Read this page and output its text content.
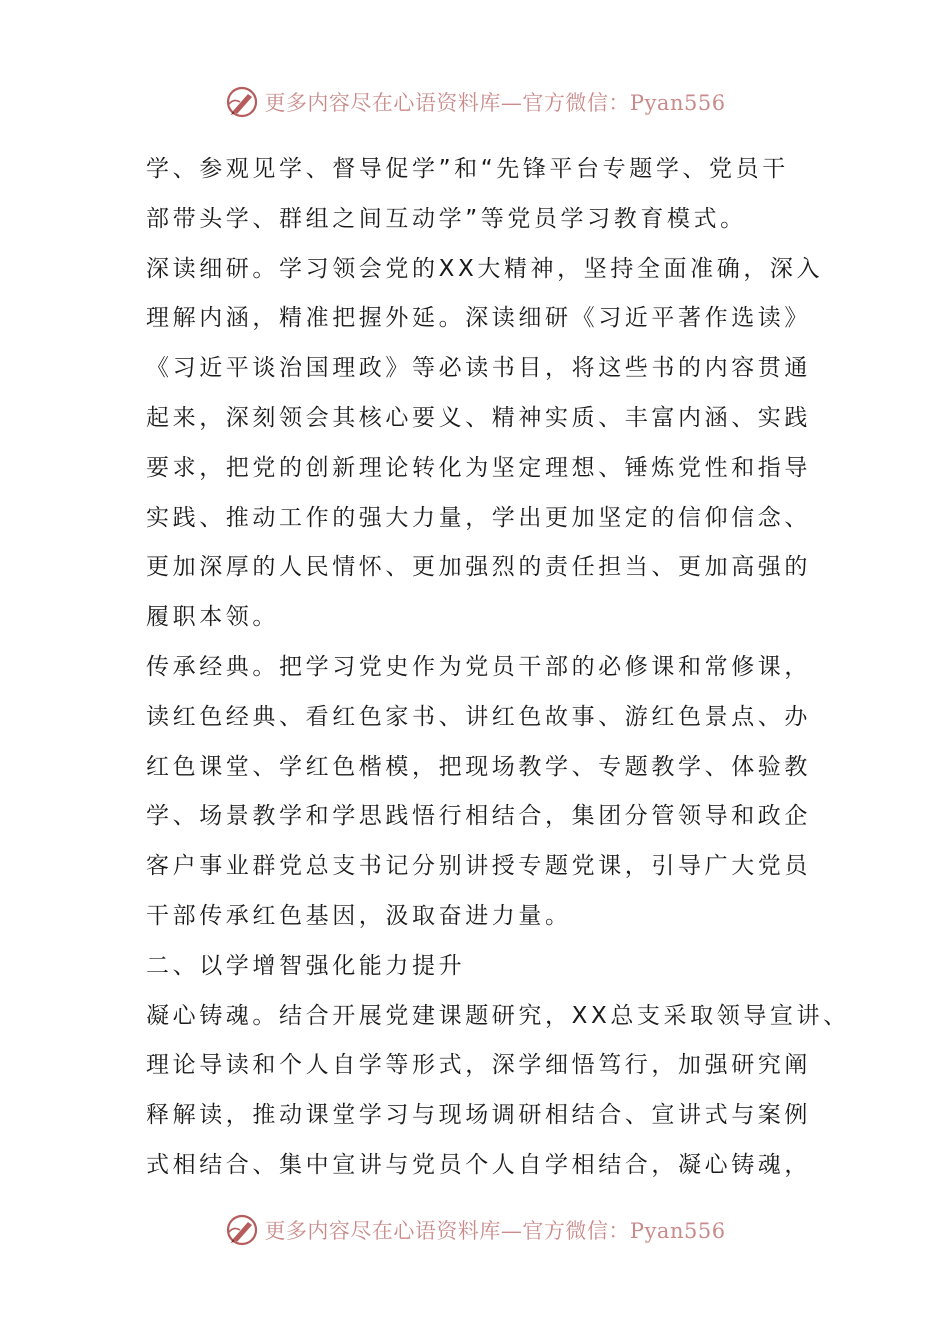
更多内容尽在心语资料库—官方微信：Pyan556
学、参观见学、督导促学”和“先锋平台专题学、党员干
部带头学、群组之间互动学”等党员学习教育模式。
深读细研。学习领会党的XX大精神，坚持全面准确，深入
理解内涵，精准把握外延。深读细研《习近平著作选读》
《习近平谈治国理政》等必读书目，将这些书的内容贯通
起来，深刻领会其核心要义、精神实质、丰富内涵、实践
要求，把党的创新理论转化为坚定理想、锤炼党性和指导
实践、推动工作的强大力量，学出更加坚定的信仰信念、
更加深厚的人民情怀、更加强烈的责任担当、更加高强的
履职本领。
传承经典。把学习党史作为党员干部的必修课和常修课，
读红色经典、看红色家书、讲红色故事、游红色景点、办
红色课堂、学红色楷模，把现场教学、专题教学、体验教
学、场景教学和学思践悟行相结合，集团分管领导和政企
客户事业群党总支书记分别讲授专题党课，引导广大党员
干部传承红色基因，汲取奋进力量。
二、以学增智强化能力提升
凝心铸魂。结合开展党建课题研究，XX总支采取领导宣讲、
理论导读和个人自学等形式，深学细悟笃行，加强研究阐
释解读，推动课堂学习与现场调研相结合、宣讲式与案例
式相结合、集中宣讲与党员个人自学相结合，凝心铸魂，
更多内容尽在心语资料库—官方微信：Pyan556
